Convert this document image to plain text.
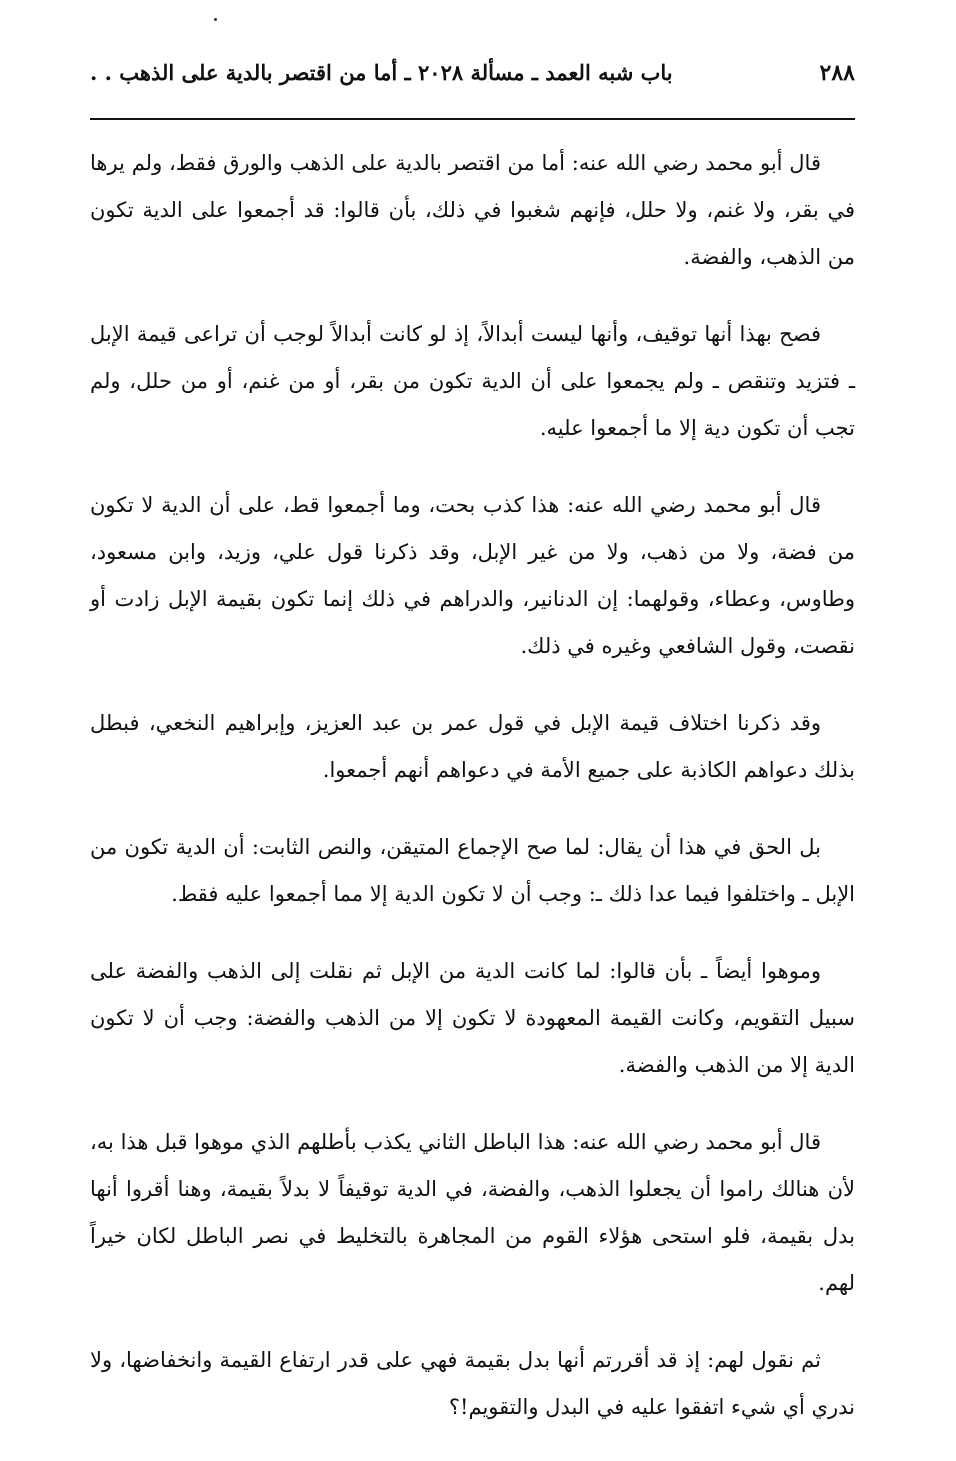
٢٨٨
باب شبه العمد ـ مسألة ٢٠٢٨ ـ أما من اقتصر بالدية على الذهب . .

قال أبو محمد رضي الله عنه: أما من اقتصر بالدية على الذهب والورق فقط، ولم يرها في بقر، ولا غنم، ولا حلل، فإنهم شغبوا في ذلك، بأن قالوا: قد أجمعوا على الدية تكون من الذهب، والفضة.

فصح بهذا أنها توقيف، وأنها ليست أبدالاً، إذ لو كانت أبدالاً لوجب أن تراعى قيمة الإبل ـ فتزيد وتنقص ـ ولم يجمعوا على أن الدية تكون من بقر، أو من غنم، أو من حلل، ولم تجب أن تكون دية إلا ما أجمعوا عليه.

قال أبو محمد رضي الله عنه: هذا كذب بحت، وما أجمعوا قط، على أن الدية لا تكون من فضة، ولا من ذهب، ولا من غير الإبل، وقد ذكرنا قول علي، وزيد، وابن مسعود، وطاوس، وعطاء، وقولهما: إن الدنانير، والدراهم في ذلك إنما تكون بقيمة الإبل زادت أو نقصت، وقول الشافعي وغيره في ذلك.

وقد ذكرنا اختلاف قيمة الإبل في قول عمر بن عبد العزيز، وإبراهيم النخعي، فبطل بذلك دعواهم الكاذبة على جميع الأمة في دعواهم أنهم أجمعوا.

بل الحق في هذا أن يقال: لما صح الإجماع المتيقن، والنص الثابت: أن الدية تكون من الإبل ـ واختلفوا فيما عدا ذلك ـ: وجب أن لا تكون الدية إلا مما أجمعوا عليه فقط.

وموهوا أيضاً ـ بأن قالوا: لما كانت الدية من الإبل ثم نقلت إلى الذهب والفضة على سبيل التقويم، وكانت القيمة المعهودة لا تكون إلا من الذهب والفضة: وجب أن لا تكون الدية إلا من الذهب والفضة.

قال أبو محمد رضي الله عنه: هذا الباطل الثاني يكذب بأطلهم الذي موهوا قبل هذا به، لأن هنالك راموا أن يجعلوا الذهب، والفضة، في الدية توقيفاً لا بدلاً بقيمة، وهنا أقروا أنها بدل بقيمة، فلو استحى هؤلاء القوم من المجاهرة بالتخليط في نصر الباطل لكان خيراً لهم.

ثم نقول لهم: إذ قد أقررتم أنها بدل بقيمة فهي على قدر ارتفاع القيمة وانخفاضها، ولا ندري أي شيء اتفقوا عليه في البدل والتقويم!؟
